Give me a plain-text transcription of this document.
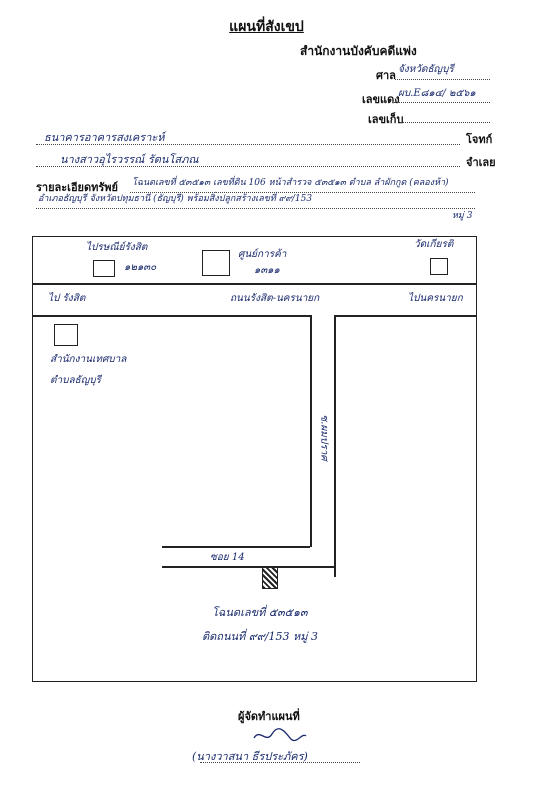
แผนที่สังเขป
สำนักงานบังคับคดีแพ่ง
ศาล
จังหวัดธัญบุรี
เลขแดง
ผบ.E๘๑๔/ ๒๕๖๑
เลขเก็บ
ธนาคารอาคารสงเคราะห์	โจทก์
นางสาวอุไรวรรณ์ รัตนโสภณ	จำเลย
รายละเอียดทรัพย์ โฉนดเลขที่ ๕๓๕๑๓ เลขที่ดิน 106 หน้าสำรวจ ๕๓๕๑๓ ตำบล ลำผักกูด (คลองห้า)
อำเภอธัญบุรี จังหวัดปทุมธานี (ธัญบุรี) พร้อมสิ่งปลูกสร้างเลขที่ ๙๙/153
หมู่ 3
ไปรษณีย์รังสิต
๑๒๑๓๐
ศูนย์การค้า
๑๓๑๑
วัดเกียรติ
ไป รังสิต	ถนนรังสิต-นครนายก	ไปนครนายก
สำนักงานเทศบาล
ตำบลธัญบุรี
ซ.ผมปราศ
ซอย 14
โฉนดเลขที่ ๕๓๕๑๓
ติดถนนที่ ๙๙/153 หมู่ 3
ผู้จัดทำแผนที่
(นางวาสนา ธีรประภัคร)
